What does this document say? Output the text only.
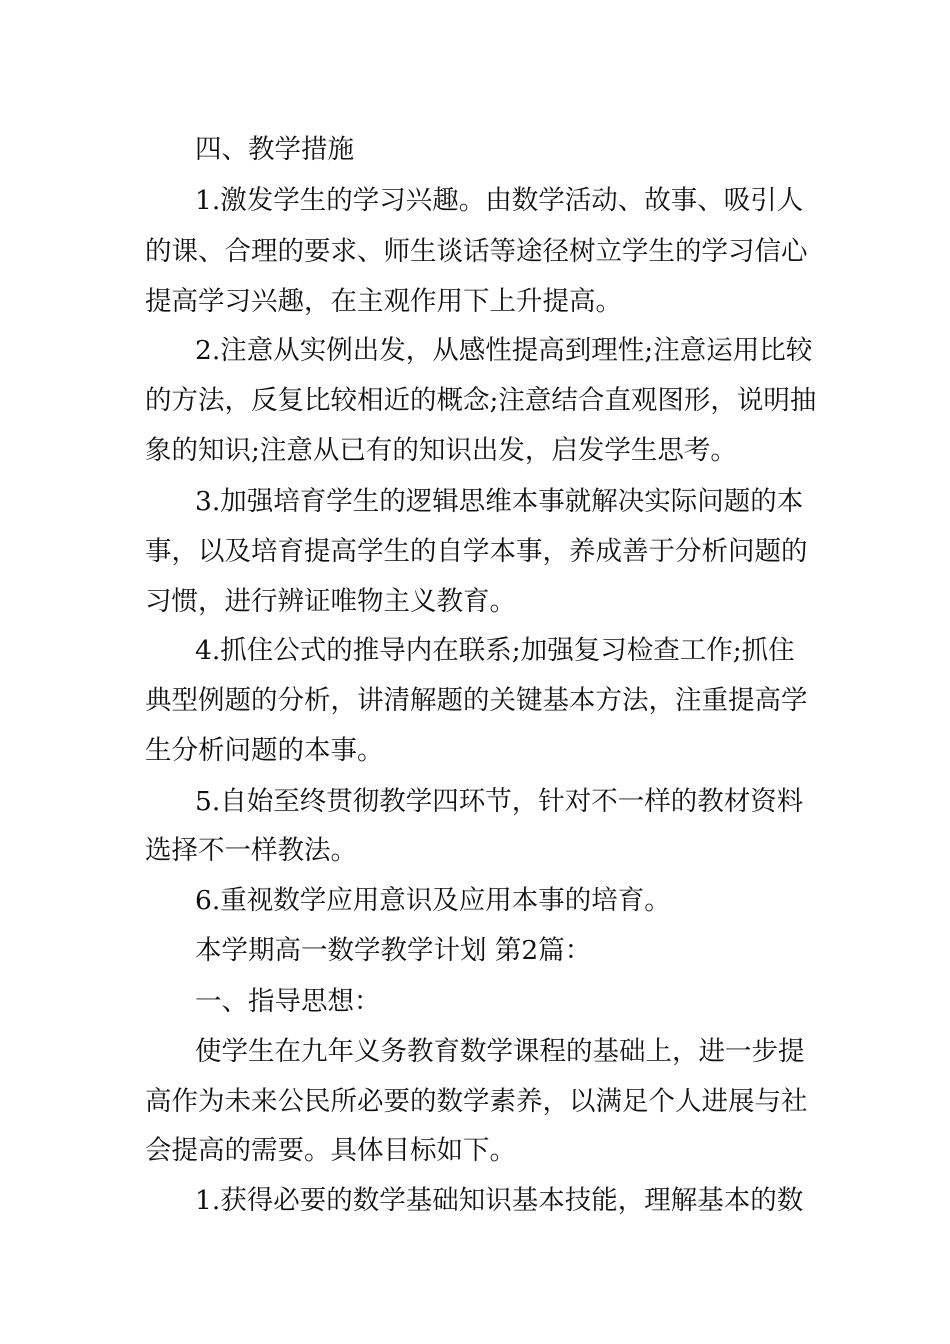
四、教学措施
1.激发学生的学习兴趣。由数学活动、故事、吸引人
的课、合理的要求、师生谈话等途径树立学生的学习信心
提高学习兴趣，在主观作用下上升提高。
2.注意从实例出发，从感性提高到理性;注意运用比较
的方法，反复比较相近的概念;注意结合直观图形，说明抽
象的知识;注意从已有的知识出发，启发学生思考。
3.加强培育学生的逻辑思维本事就解决实际问题的本
事，以及培育提高学生的自学本事，养成善于分析问题的
习惯，进行辨证唯物主义教育。
4.抓住公式的推导内在联系;加强复习检查工作;抓住
典型例题的分析，讲清解题的关键基本方法，注重提高学
生分析问题的本事。
5.自始至终贯彻教学四环节，针对不一样的教材资料
选择不一样教法。
6.重视数学应用意识及应用本事的培育。
本学期高一数学教学计划 第2篇：
一、指导思想：
使学生在九年义务教育数学课程的基础上，进一步提
高作为未来公民所必要的数学素养，以满足个人进展与社
会提高的需要。具体目标如下。
1.获得必要的数学基础知识基本技能，理解基本的数
